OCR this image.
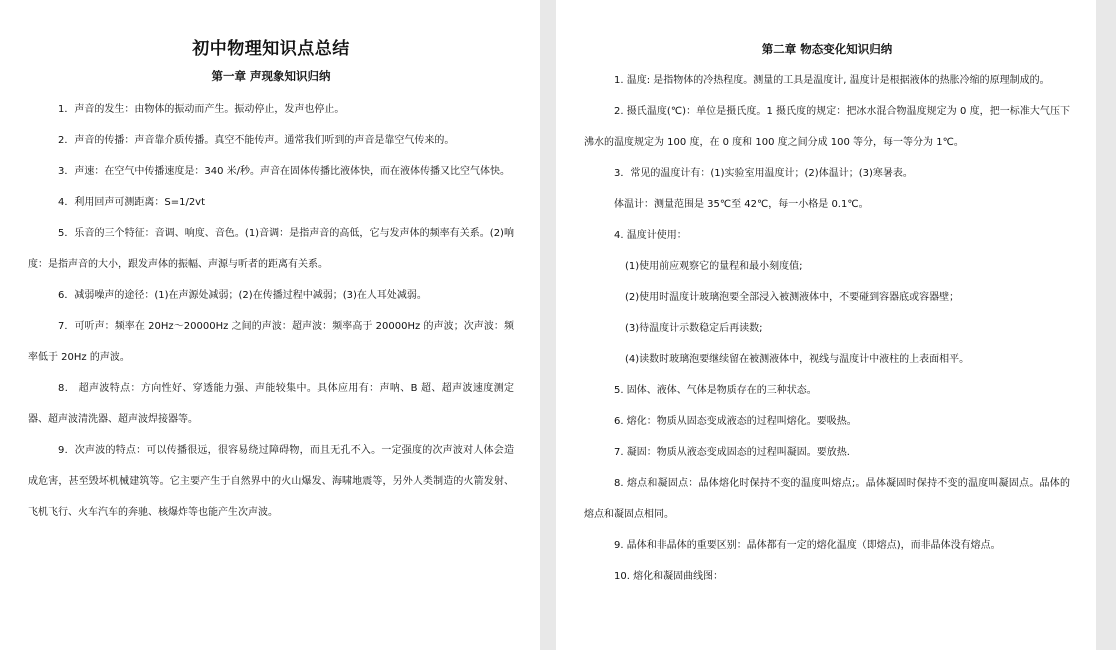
初中物理知识点总结
第一章 声现象知识归纳

1．声音的发生：由物体的振动而产生。振动停止，发声也停止。

2．声音的传播：声音靠介质传播。真空不能传声。通常我们听到的声音是靠空气传来的。

3．声速：在空气中传播速度是：340 米/秒。声音在固体传播比液体快，而在液体传播又比空气体快。

4．利用回声可测距离：S=1/2vt

5．乐音的三个特征：音调、响度、音色。(1)音调：是指声音的高低，它与发声体的频率有关系。(2)响度：是指声音的大小，跟发声体的振幅、声源与听者的距离有关系。

6．减弱噪声的途径：(1)在声源处减弱；(2)在传播过程中减弱；(3)在人耳处减弱。

7．可听声：频率在 20Hz～20000Hz 之间的声波：超声波：频率高于 20000Hz 的声波；次声波：频率低于 20Hz 的声波。

8． 超声波特点：方向性好、穿透能力强、声能较集中。具体应用有：声呐、B 超、超声波速度测定器、超声波清洗器、超声波焊接器等。

9．次声波的特点：可以传播很远，很容易绕过障碍物，而且无孔不入。一定强度的次声波对人体会造成危害，甚至毁坏机械建筑等。它主要产生于自然界中的火山爆发、海啸地震等，另外人类制造的火箭发射、飞机飞行、火车汽车的奔驰、核爆炸等也能产生次声波。

第二章 物态变化知识归纳

1. 温度: 是指物体的冷热程度。测量的工具是温度计, 温度计是根据液体的热胀冷缩的原理制成的。

2. 摄氏温度(℃)：单位是摄氏度。1 摄氏度的规定：把冰水混合物温度规定为 0 度，把一标准大气压下沸水的温度规定为 100 度，在 0 度和 100 度之间分成 100 等分，每一等分为 1℃。

3．常见的温度计有：(1)实验室用温度计；(2)体温计；(3)寒暑表。

体温计：测量范围是 35℃至 42℃，每一小格是 0.1℃。

4. 温度计使用：

(1)使用前应观察它的量程和最小刻度值;

(2)使用时温度计玻璃泡要全部浸入被测液体中，不要碰到容器底或容器壁；

(3)待温度计示数稳定后再读数;

(4)读数时玻璃泡要继续留在被测液体中，视线与温度计中液柱的上表面相平。

5. 固体、液体、气体是物质存在的三种状态。

6. 熔化：物质从固态变成液态的过程叫熔化。要吸热。

7. 凝固：物质从液态变成固态的过程叫凝固。要放热.

8. 熔点和凝固点：晶体熔化时保持不变的温度叫熔点;。晶体凝固时保持不变的温度叫凝固点。晶体的熔点和凝固点相同。

9. 晶体和非晶体的重要区别：晶体都有一定的熔化温度（即熔点)，而非晶体没有熔点。

10. 熔化和凝固曲线图：
